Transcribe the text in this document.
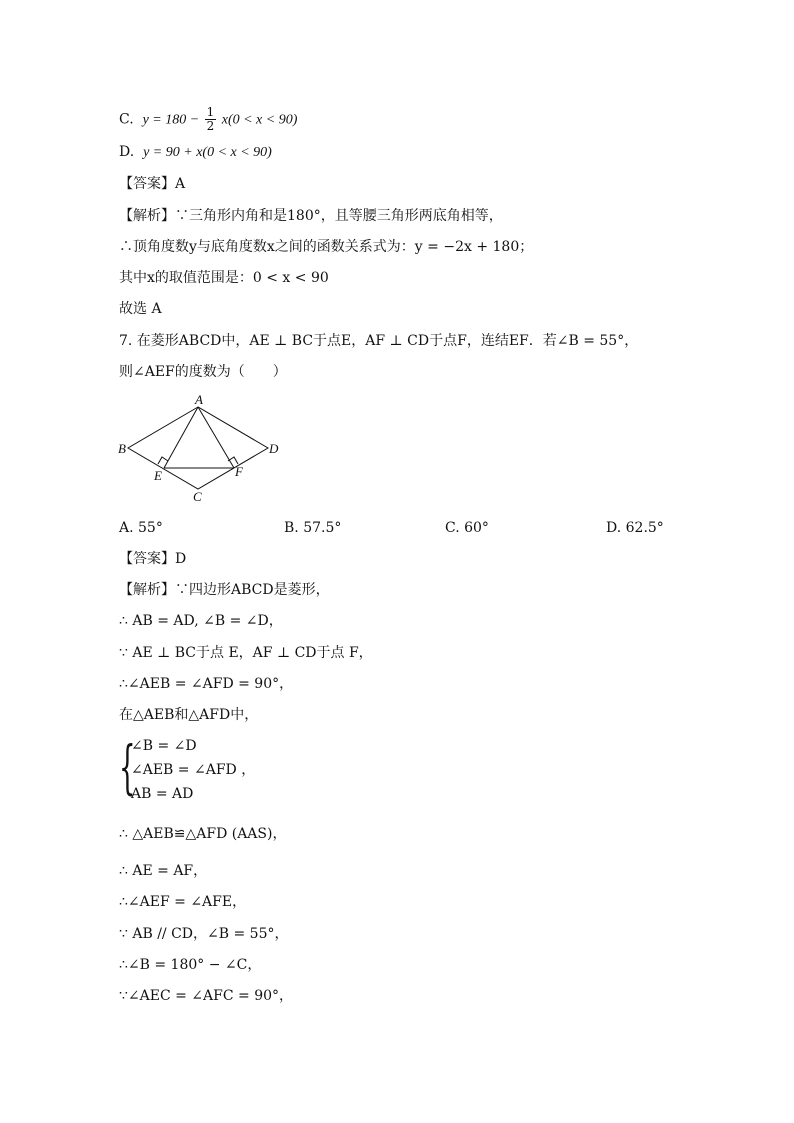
C. $y = 180 - \frac{1}{2} x(0 < x < 90)$
D. y = 90 + x(0 < x < 90)
【答案】A
【解析】∵三角形内角和是180°，且等腰三角形两底角相等，
∴顶角度数y与底角度数x之间的函数关系式为：y = −2x + 180；
其中x的取值范围是：0 < x < 90
故选 A
7. 在菱形ABCD中，AE ⊥ BC于点E，AF ⊥ CD于点F，连结EF．若∠B = 55°，
则∠AEF的度数为（　　）
A
B
C
D
E	F
A. 55°	B. 57.5°	C. 60°	D. 62.5°
【答案】D
【解析】∵四边形ABCD是菱形，
∴ AB = AD, ∠B = ∠D，
∵ AE ⊥ BC于点 E，AF ⊥ CD于点 F，
∴∠AEB = ∠AFD = 90°，
在△AEB和△AFD中，
{
∠B = ∠D
∠AEB = ∠AFD ，
AB = AD
∴ △AEB≌△AFD (AAS)，
∴ AE = AF，
∴∠AEF = ∠AFE，
∵ AB // CD，∠B = 55°，
∴∠B = 180° − ∠C，
∵∠AEC = ∠AFC = 90°，
